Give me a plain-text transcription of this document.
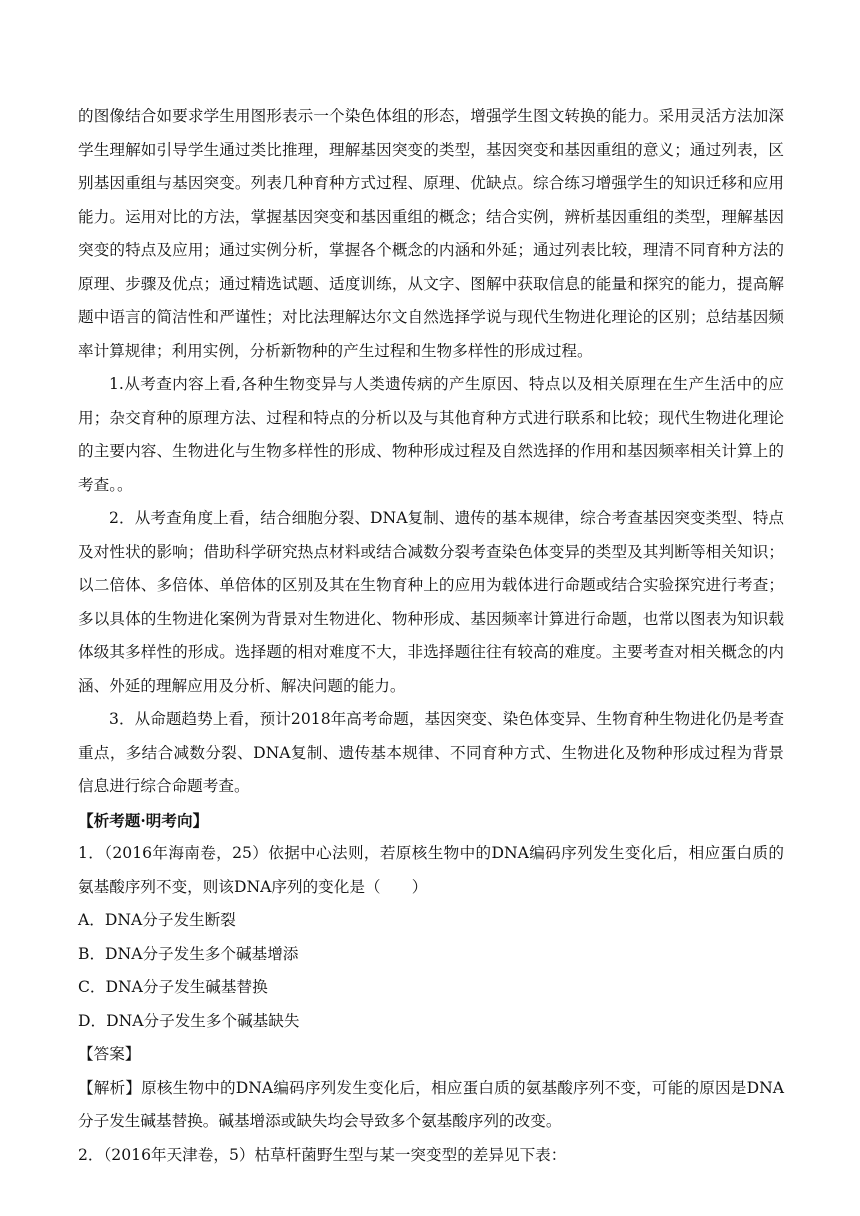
的图像结合如要求学生用图形表示一个染色体组的形态，增强学生图文转换的能力。采用灵活方法加深学生理解如引导学生通过类比推理，理解基因突变的类型，基因突变和基因重组的意义；通过列表，区别基因重组与基因突变。列表几种育种方式过程、原理、优缺点。综合练习增强学生的知识迁移和应用能力。运用对比的方法，掌握基因突变和基因重组的概念；结合实例，辨析基因重组的类型，理解基因突变的特点及应用；通过实例分析，掌握各个概念的内涵和外延；通过列表比较，理清不同育种方法的原理、步骤及优点；通过精选试题、适度训练，从文字、图解中获取信息的能量和探究的能力，提高解题中语言的简洁性和严谨性；对比法理解达尔文自然选择学说与现代生物进化理论的区别；总结基因频率计算规律；利用实例，分析新物种的产生过程和生物多样性的形成过程。

1.从考查内容上看,各种生物变异与人类遗传病的产生原因、特点以及相关原理在生产生活中的应用；杂交育种的原理方法、过程和特点的分析以及与其他育种方式进行联系和比较；现代生物进化理论的主要内容、生物进化与生物多样性的形成、物种形成过程及自然选择的作用和基因频率相关计算上的考查。。

2．从考查角度上看，结合细胞分裂、DNA复制、遗传的基本规律，综合考查基因突变类型、特点及对性状的影响；借助科学研究热点材料或结合减数分裂考查染色体变异的类型及其判断等相关知识；以二倍体、多倍体、单倍体的区别及其在生物育种上的应用为载体进行命题或结合实验探究进行考查；多以具体的生物进化案例为背景对生物进化、物种形成、基因频率计算进行命题，也常以图表为知识载体级其多样性的形成。选择题的相对难度不大，非选择题往往有较高的难度。主要考查对相关概念的内涵、外延的理解应用及分析、解决问题的能力。

3．从命题趋势上看，预计2018年高考命题，基因突变、染色体变异、生物育种生物进化仍是考查重点，多结合减数分裂、DNA复制、遗传基本规律、不同育种方式、生物进化及物种形成过程为背景信息进行综合命题考查。

【析考题·明考向】

1．（2016年海南卷，25）依据中心法则，若原核生物中的DNA编码序列发生变化后，相应蛋白质的氨基酸序列不变，则该DNA序列的变化是（　　）

A．DNA分子发生断裂

B．DNA分子发生多个碱基增添

C．DNA分子发生碱基替换

D．DNA分子发生多个碱基缺失

【答案】

【解析】原核生物中的DNA编码序列发生变化后，相应蛋白质的氨基酸序列不变，可能的原因是DNA分子发生碱基替换。碱基增添或缺失均会导致多个氨基酸序列的改变。

2．（2016年天津卷，5）枯草杆菌野生型与某一突变型的差异见下表：
